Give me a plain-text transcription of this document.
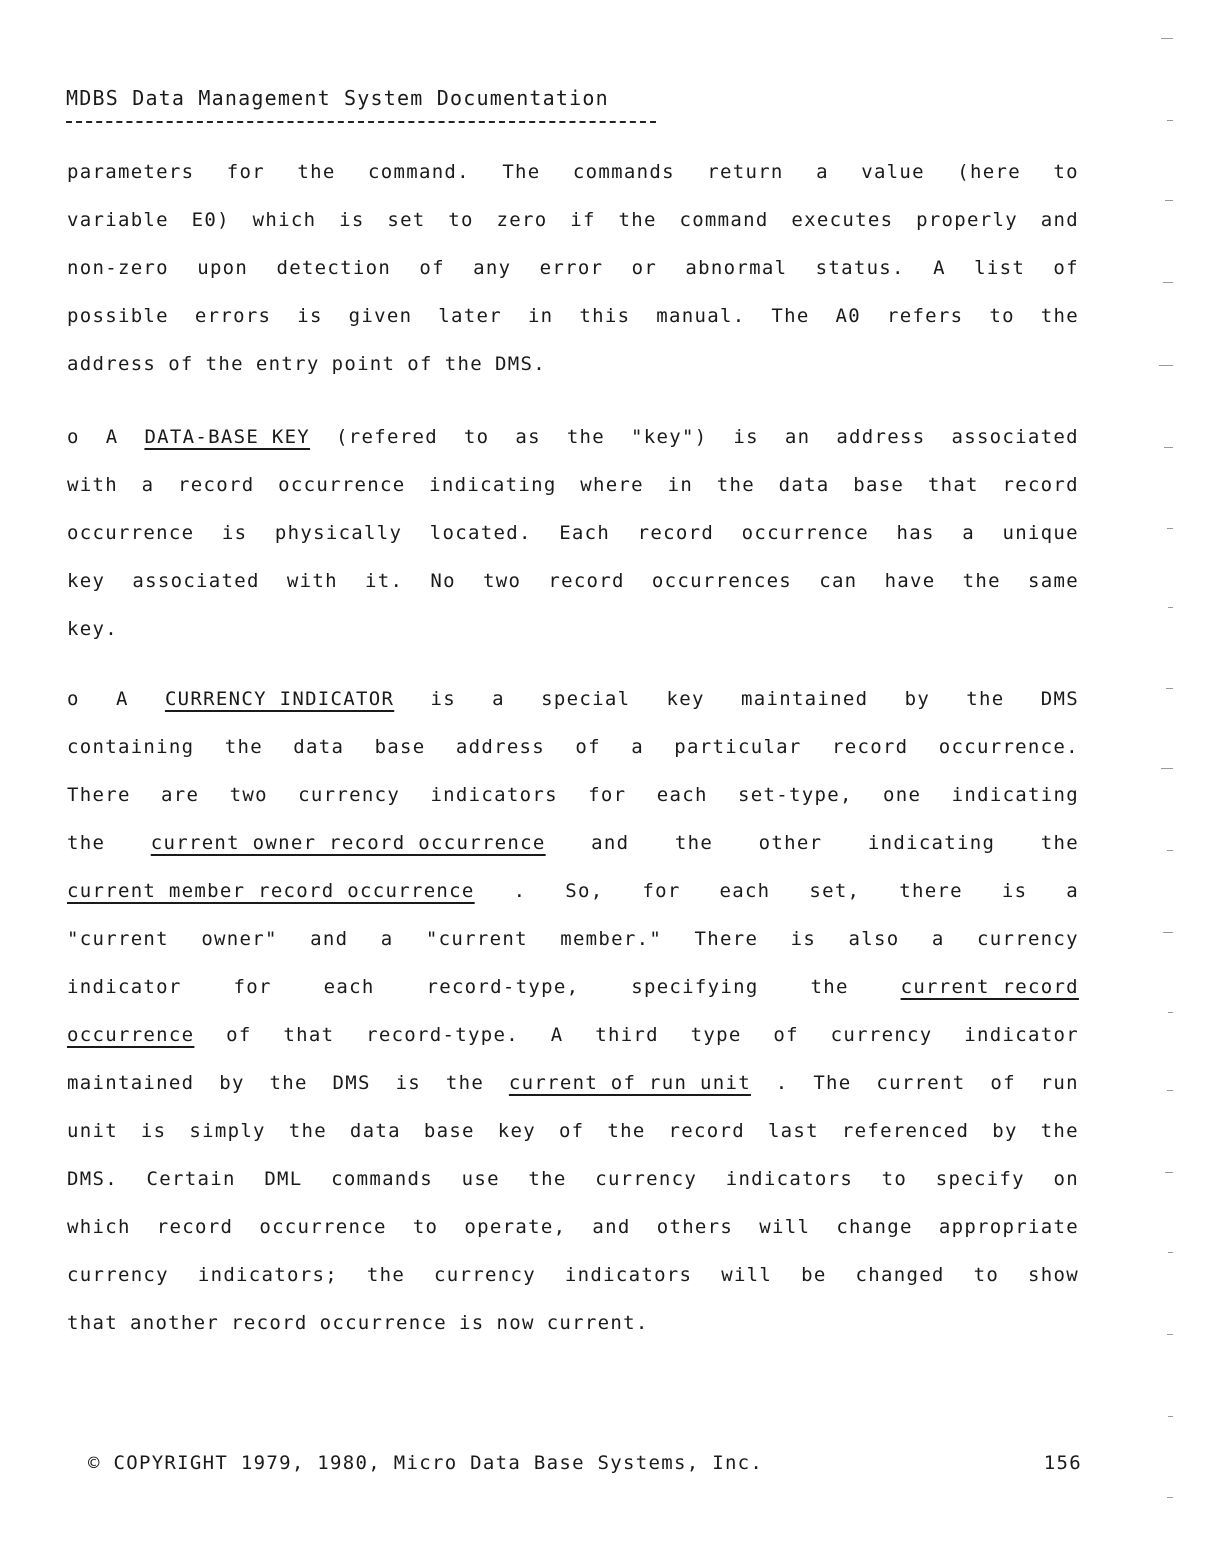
MDBS Data Management System Documentation
parameters for the command. The commands return a value (here to
variable E0) which is set to zero if the command executes properly and
non-zero upon detection of any error or abnormal status. A list of
possible errors is given later in this manual. The A0 refers to the
address of the entry point of the DMS.
o A DATA-BASE KEY (refered to as the "key") is an address associated
with a record occurrence indicating where in the data base that record
occurrence is physically located. Each record occurrence has a unique
key associated with it. No two record occurrences can have the same
key.
o A CURRENCY INDICATOR is a special key maintained by the DMS
containing the data base address of a particular record occurrence.
There are two currency indicators for each set-type, one indicating
the current owner record occurrence and the other indicating the
current member record occurrence . So, for each set, there is a
"current owner" and a "current member." There is also a currency
indicator	for	each	record-type,	specifying	the	current record
occurrence of that record-type. A third type of currency indicator
maintained by the DMS is the current of run unit . The current of run
unit is simply the data base key of the record last referenced by the
DMS. Certain DML commands use the currency indicators to specify on
which record occurrence to operate, and others will change appropriate
currency indicators; the currency indicators will be changed to show
that another record occurrence is now current.
© COPYRIGHT 1979, 1980, Micro Data Base Systems, Inc.	156
